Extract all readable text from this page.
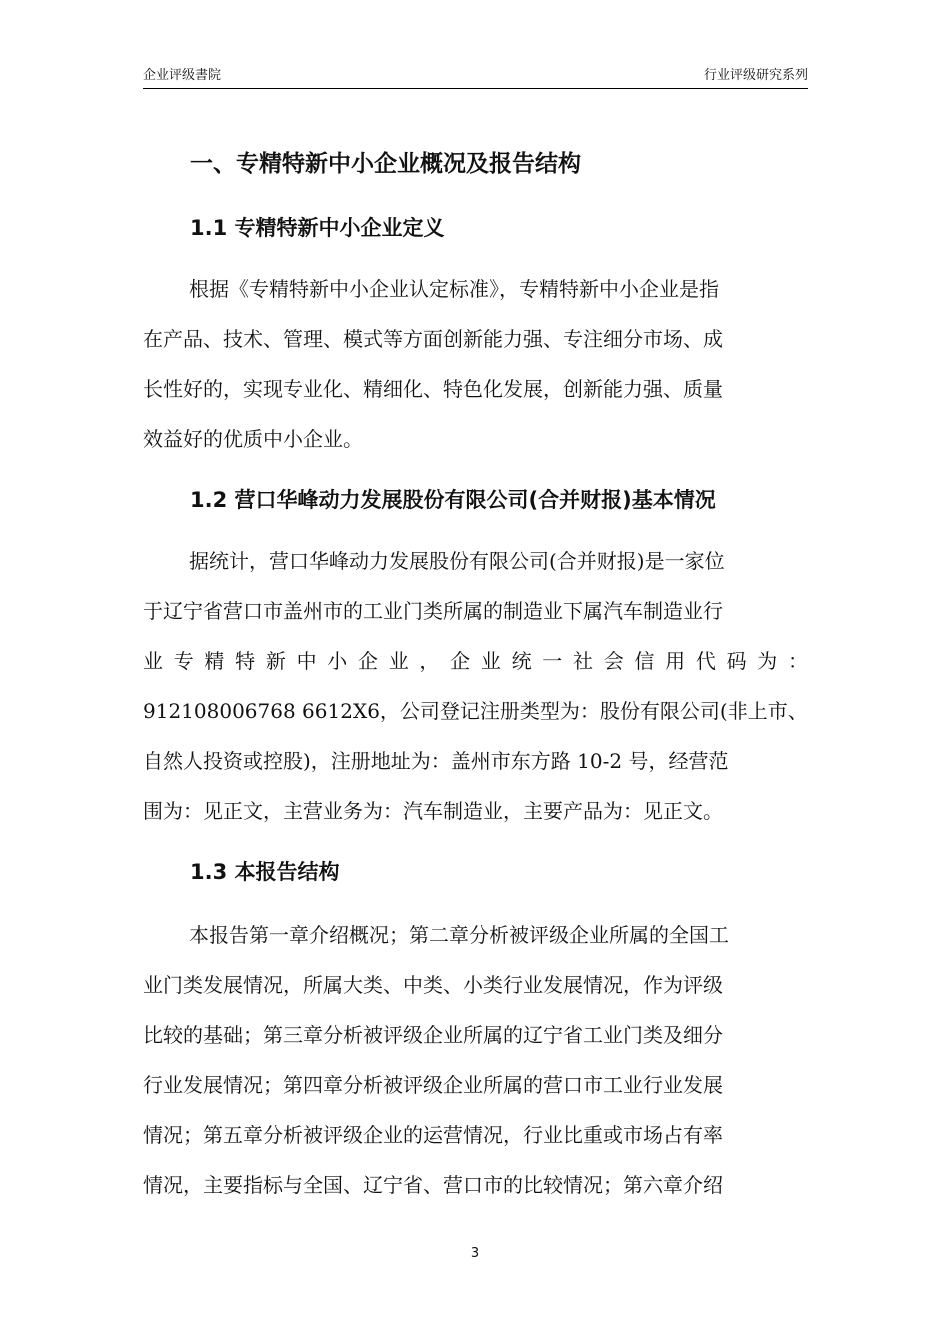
企业评级書院	行业评级研究系列
一、专精特新中小企业概况及报告结构
1.1 专精特新中小企业定义
根据《专精特新中小企业认定标准》，专精特新中小企业是指
在产品、技术、管理、模式等方面创新能力强、专注细分市场、成
长性好的，实现专业化、精细化、特色化发展，创新能力强、质量
效益好的优质中小企业。
1.2 营口华峰动力发展股份有限公司(合并财报)基本情况
据统计，营口华峰动力发展股份有限公司(合并财报)是一家位
于辽宁省营口市盖州市的工业门类所属的制造业下属汽车制造业行
业专精特新中小企业，企业统一社会信用代码为：
912108006768 6612X6，公司登记注册类型为：股份有限公司(非上市、
自然人投资或控股)，注册地址为：盖州市东方路 10-2 号，经营范
围为：见正文，主营业务为：汽车制造业，主要产品为：见正文。
1.3 本报告结构
本报告第一章介绍概况；第二章分析被评级企业所属的全国工
业门类发展情况，所属大类、中类、小类行业发展情况，作为评级
比较的基础；第三章分析被评级企业所属的辽宁省工业门类及细分
行业发展情况；第四章分析被评级企业所属的营口市工业行业发展
情况；第五章分析被评级企业的运营情况，行业比重或市场占有率
情况，主要指标与全国、辽宁省、营口市的比较情况；第六章介绍
3
